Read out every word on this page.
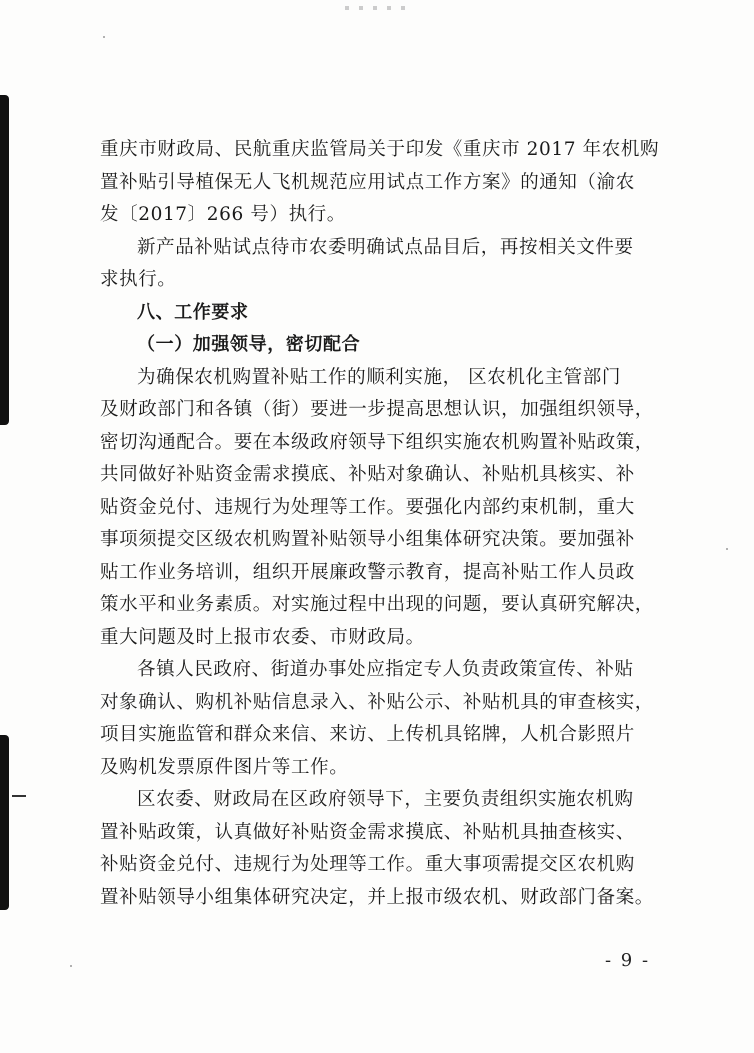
重庆市财政局、民航重庆监管局关于印发《重庆市 2017 年农机购
置补贴引导植保无人飞机规范应用试点工作方案》的通知（渝农
发〔2017〕266 号）执行。
新产品补贴试点待市农委明确试点品目后，再按相关文件要
求执行。
八、工作要求
（一）加强领导，密切配合
为确保农机购置补贴工作的顺利实施， 区农机化主管部门
及财政部门和各镇（街）要进一步提高思想认识，加强组织领导，
密切沟通配合。要在本级政府领导下组织实施农机购置补贴政策，
共同做好补贴资金需求摸底、补贴对象确认、补贴机具核实、补
贴资金兑付、违规行为处理等工作。要强化内部约束机制，重大
事项须提交区级农机购置补贴领导小组集体研究决策。要加强补
贴工作业务培训，组织开展廉政警示教育，提高补贴工作人员政
策水平和业务素质。对实施过程中出现的问题，要认真研究解决，
重大问题及时上报市农委、市财政局。
各镇人民政府、街道办事处应指定专人负责政策宣传、补贴
对象确认、购机补贴信息录入、补贴公示、补贴机具的审查核实，
项目实施监管和群众来信、来访、上传机具铭牌，人机合影照片
及购机发票原件图片等工作。
区农委、财政局在区政府领导下，主要负责组织实施农机购
置补贴政策，认真做好补贴资金需求摸底、补贴机具抽查核实、
补贴资金兑付、违规行为处理等工作。重大事项需提交区农机购
置补贴领导小组集体研究决定，并上报市级农机、财政部门备案。
- 9 -
